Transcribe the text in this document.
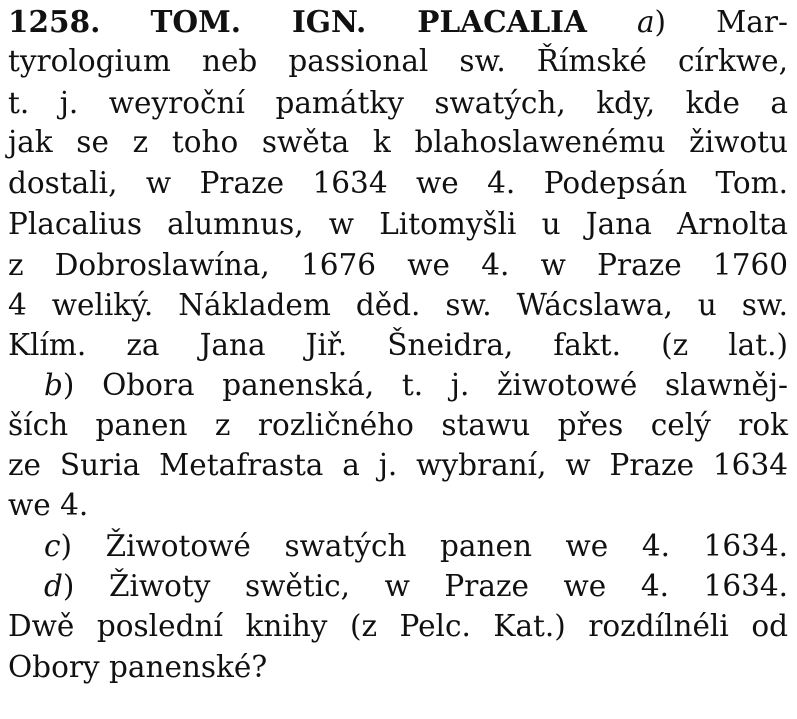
1258. TOM. IGN. PLACALIA a) Mar-
tyrologium neb passional sw. Římské církwe,
t. j. weyroční památky swatých, kdy, kde a
jak se z toho swěta k blahoslawenému žiwotu
dostali, w Praze 1634 we 4. Podepsán Tom.
Placalius alumnus, w Litomyšli u Jana Arnolta
z Dobroslawína, 1676 we 4. w Praze 1760
4 weliký. Nákladem děd. sw. Wácslawa, u sw.
Klím. za Jana Jiř. Šneidra, fakt. (z lat.)
b) Obora panenská, t. j. žiwotowé slawněj-
ších panen z rozličného stawu přes celý rok
ze Suria Metafrasta a j. wybraní, w Praze 1634
we 4.
c) Žiwotowé swatých panen we 4. 1634.
d) Žiwoty swětic, w Praze we 4. 1634.
Dwě poslední knihy (z Pelc. Kat.) rozdílnéli od
Obory panenské?
